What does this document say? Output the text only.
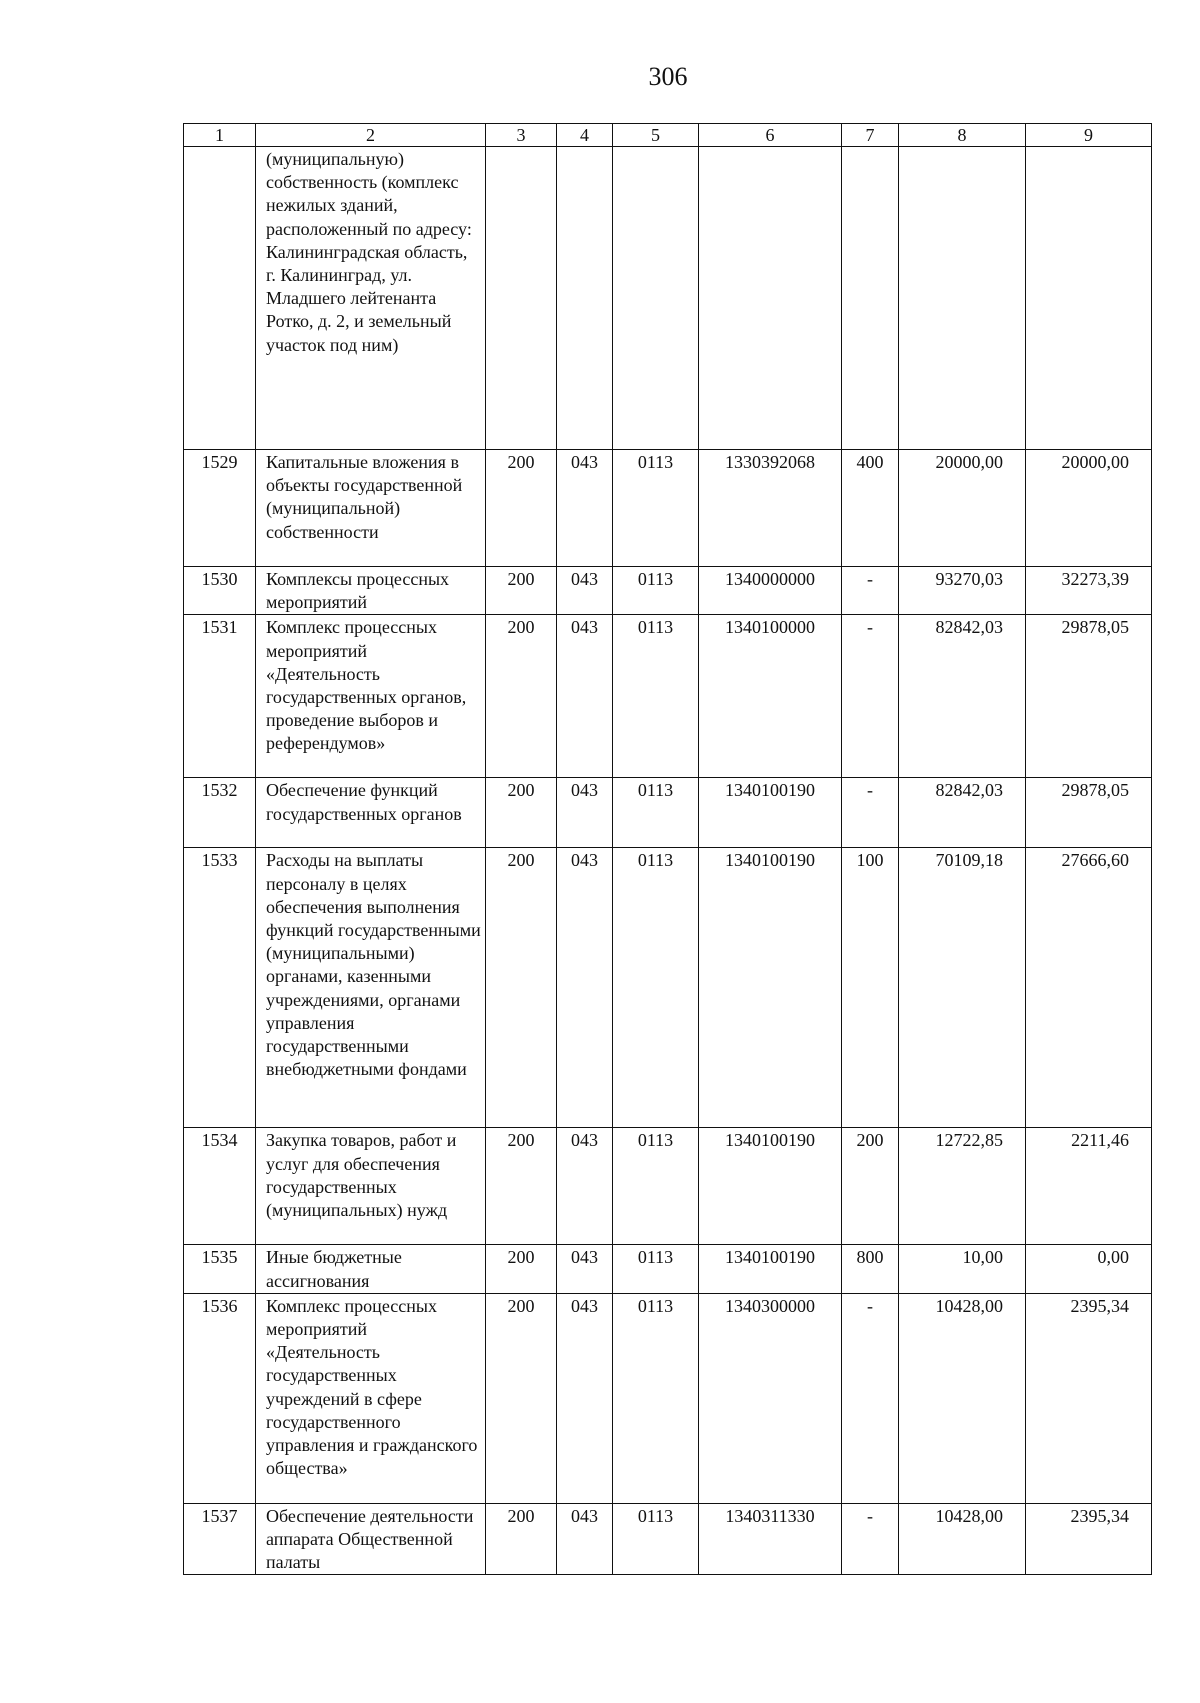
306
1	2	3	4	5	6	7	8	9
	(муниципальную) собственность (комплекс нежилых зданий, расположенный по адресу: Калининградская область, г. Калининград, ул. Младшего лейтенанта Ротко, д. 2, и земельный участок под ним)							
1529	Капитальные вложения в объекты государственной (муниципальной) собственности	200	043	0113	1330392068	400	20000,00	20000,00
1530	Комплексы процессных мероприятий	200	043	0113	1340000000	-	93270,03	32273,39
1531	Комплекс процессных мероприятий «Деятельность государственных органов, проведение выборов и референдумов»	200	043	0113	1340100000	-	82842,03	29878,05
1532	Обеспечение функций государственных органов	200	043	0113	1340100190	-	82842,03	29878,05
1533	Расходы на выплаты персоналу в целях обеспечения выполнения функций государственными (муниципальными) органами, казенными учреждениями, органами управления государственными внебюджетными фондами	200	043	0113	1340100190	100	70109,18	27666,60
1534	Закупка товаров, работ и услуг для обеспечения государственных (муниципальных) нужд	200	043	0113	1340100190	200	12722,85	2211,46
1535	Иные бюджетные ассигнования	200	043	0113	1340100190	800	10,00	0,00
1536	Комплекс процессных мероприятий «Деятельность государственных учреждений в сфере государственного управления и гражданского общества»	200	043	0113	1340300000	-	10428,00	2395,34
1537	Обеспечение деятельности аппарата Общественной палаты	200	043	0113	1340311330	-	10428,00	2395,34
